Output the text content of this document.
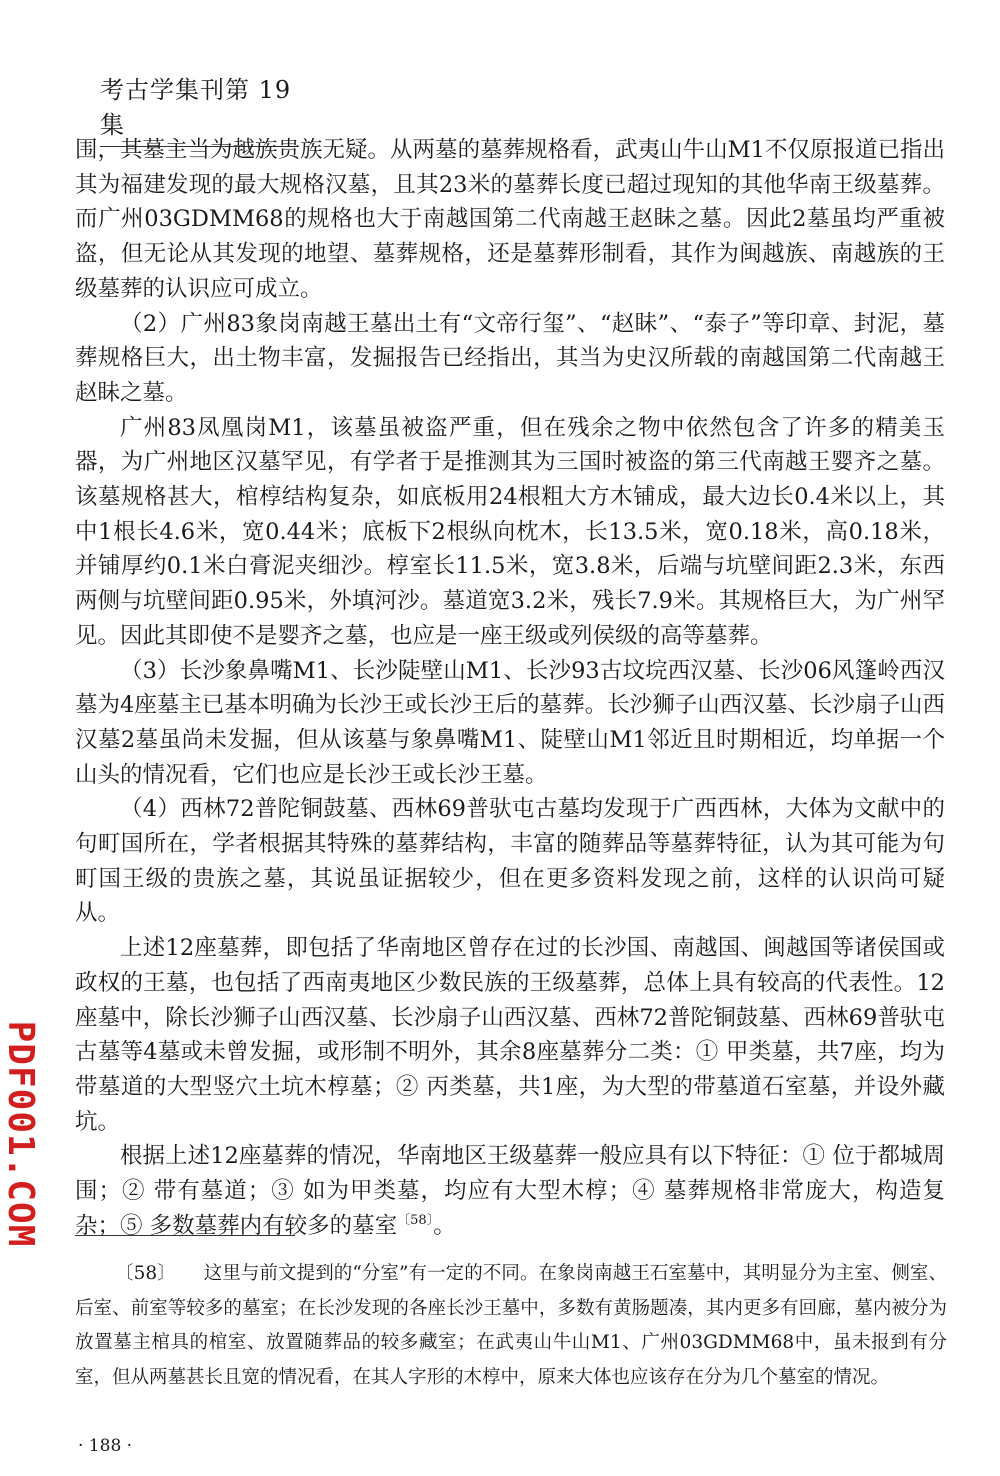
考古学集刊第 19 集

围，其墓主当为越族贵族无疑。从两墓的墓葬规格看，武夷山牛山M1不仅原报道已指出其为福建发现的最大规格汉墓，且其23米的墓葬长度已超过现知的其他华南王级墓葬。而广州03GDMM68的规格也大于南越国第二代南越王赵眛之墓。因此2墓虽均严重被盗，但无论从其发现的地望、墓葬规格，还是墓葬形制看，其作为闽越族、南越族的王级墓葬的认识应可成立。

（2）广州83象岗南越王墓出土有“文帝行玺”、“赵眛”、“泰子”等印章、封泥，墓葬规格巨大，出土物丰富，发掘报告已经指出，其当为史汉所载的南越国第二代南越王赵眛之墓。

广州83凤凰岗M1，该墓虽被盗严重，但在残余之物中依然包含了许多的精美玉器，为广州地区汉墓罕见，有学者于是推测其为三国时被盗的第三代南越王婴齐之墓。该墓规格甚大，棺椁结构复杂，如底板用24根粗大方木铺成，最大边长0.4米以上，其中1根长4.6米，宽0.44米；底板下2根纵向枕木，长13.5米，宽0.18米，高0.18米，并铺厚约0.1米白膏泥夹细沙。椁室长11.5米，宽3.8米，后端与坑壁间距2.3米，东西两侧与坑壁间距0.95米，外填河沙。墓道宽3.2米，残长7.9米。其规格巨大，为广州罕见。因此其即使不是婴齐之墓，也应是一座王级或列侯级的高等墓葬。

（3）长沙象鼻嘴M1、长沙陡壁山M1、长沙93古坟垸西汉墓、长沙06风篷岭西汉墓为4座墓主已基本明确为长沙王或长沙王后的墓葬。长沙狮子山西汉墓、长沙扇子山西汉墓2墓虽尚未发掘，但从该墓与象鼻嘴M1、陡壁山M1邻近且时期相近，均单据一个山头的情况看，它们也应是长沙王或长沙王墓。

（4）西林72普陀铜鼓墓、西林69普驮屯古墓均发现于广西西林，大体为文献中的句町国所在，学者根据其特殊的墓葬结构，丰富的随葬品等墓葬特征，认为其可能为句町国王级的贵族之墓，其说虽证据较少，但在更多资料发现之前，这样的认识尚可疑从。

上述12座墓葬，即包括了华南地区曾存在过的长沙国、南越国、闽越国等诸侯国或政权的王墓，也包括了西南夷地区少数民族的王级墓葬，总体上具有较高的代表性。12座墓中，除长沙狮子山西汉墓、长沙扇子山西汉墓、西林72普陀铜鼓墓、西林69普驮屯古墓等4墓或未曾发掘，或形制不明外，其余8座墓葬分二类：① 甲类墓，共7座，均为带墓道的大型竖穴土坑木椁墓；② 丙类墓，共1座，为大型的带墓道石室墓，并设外藏坑。

根据上述12座墓葬的情况，华南地区王级墓葬一般应具有以下特征：① 位于都城周围；② 带有墓道；③ 如为甲类墓，均应有大型木椁；④ 墓葬规格非常庞大，构造复杂；⑤ 多数墓葬内有较多的墓室$^{〔58〕}$。

〔58〕 这里与前文提到的“分室”有一定的不同。在象岗南越王石室墓中，其明显分为主室、侧室、后室、前室等较多的墓室；在长沙发现的各座长沙王墓中，多数有黄肠题凑，其内更多有回廊，墓内被分为放置墓主棺具的棺室、放置随葬品的较多藏室；在武夷山牛山M1、广州03GDMM68中，虽未报到有分室，但从两墓甚长且宽的情况看，在其人字形的木椁中，原来大体也应该存在分为几个墓室的情况。

· 188 ·
PDF001.COM
